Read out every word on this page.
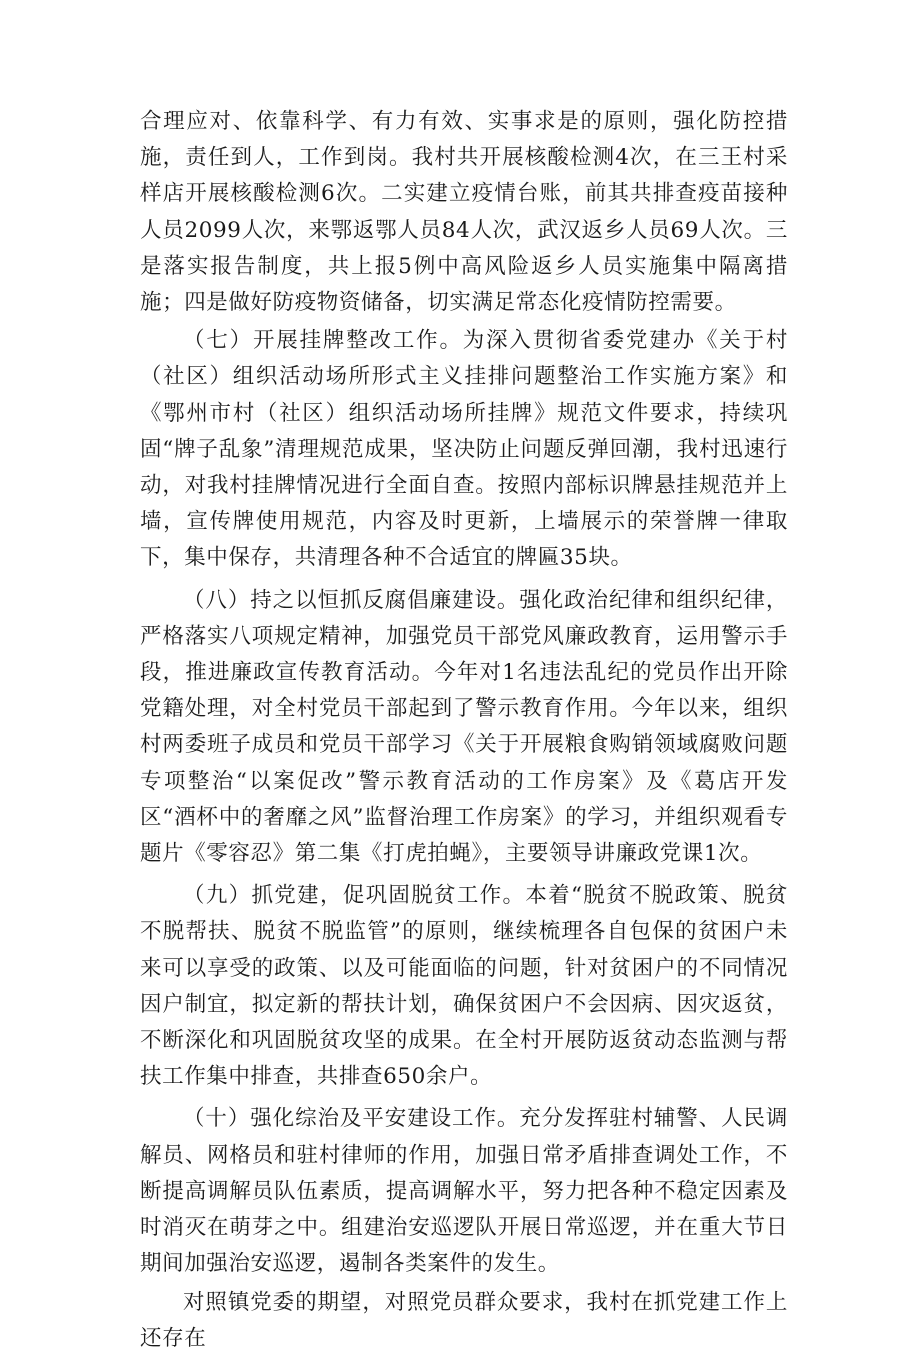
合理应对、依靠科学、有力有效、实事求是的原则，强化防控措施，责任到人，工作到岗。我村共开展核酸检测4次，在三王村采样店开展核酸检测6次。二实建立疫情台账，前其共排查疫苗接种人员2099人次，来鄂返鄂人员84人次，武汉返乡人员69人次。三是落实报告制度，共上报5例中高风险返乡人员实施集中隔离措施；四是做好防疫物资储备，切实满足常态化疫情防控需要。

（七）开展挂牌整改工作。为深入贯彻省委党建办《关于村（社区）组织活动场所形式主义挂排问题整治工作实施方案》和《鄂州市村（社区）组织活动场所挂牌》规范文件要求，持续巩固“牌子乱象”清理规范成果，坚决防止问题反弹回潮，我村迅速行动，对我村挂牌情况进行全面自查。按照内部标识牌悬挂规范并上墙，宣传牌使用规范，内容及时更新，上墙展示的荣誉牌一律取下，集中保存，共清理各种不合适宜的牌匾35块。

（八）持之以恒抓反腐倡廉建设。强化政治纪律和组织纪律，严格落实八项规定精神，加强党员干部党风廉政教育，运用警示手段，推进廉政宣传教育活动。今年对1名违法乱纪的党员作出开除党籍处理，对全村党员干部起到了警示教育作用。今年以来，组织村两委班子成员和党员干部学习《关于开展粮食购销领域腐败问题专项整治“以案促改”警示教育活动的工作房案》及《葛店开发区“酒杯中的奢靡之风”监督治理工作房案》的学习，并组织观看专题片《零容忍》第二集《打虎拍蝇》，主要领导讲廉政党课1次。

（九）抓党建，促巩固脱贫工作。本着“脱贫不脱政策、脱贫不脱帮扶、脱贫不脱监管”的原则，继续梳理各自包保的贫困户未来可以享受的政策、以及可能面临的问题，针对贫困户的不同情况因户制宜，拟定新的帮扶计划，确保贫困户不会因病、因灾返贫，不断深化和巩固脱贫攻坚的成果。在全村开展防返贫动态监测与帮扶工作集中排查，共排查650余户。

（十）强化综治及平安建设工作。充分发挥驻村辅警、人民调解员、网格员和驻村律师的作用，加强日常矛盾排查调处工作，不断提高调解员队伍素质，提高调解水平，努力把各种不稳定因素及时消灭在萌芽之中。组建治安巡逻队开展日常巡逻，并在重大节日期间加强治安巡逻，遏制各类案件的发生。

对照镇党委的期望，对照党员群众要求，我村在抓党建工作上还存在
